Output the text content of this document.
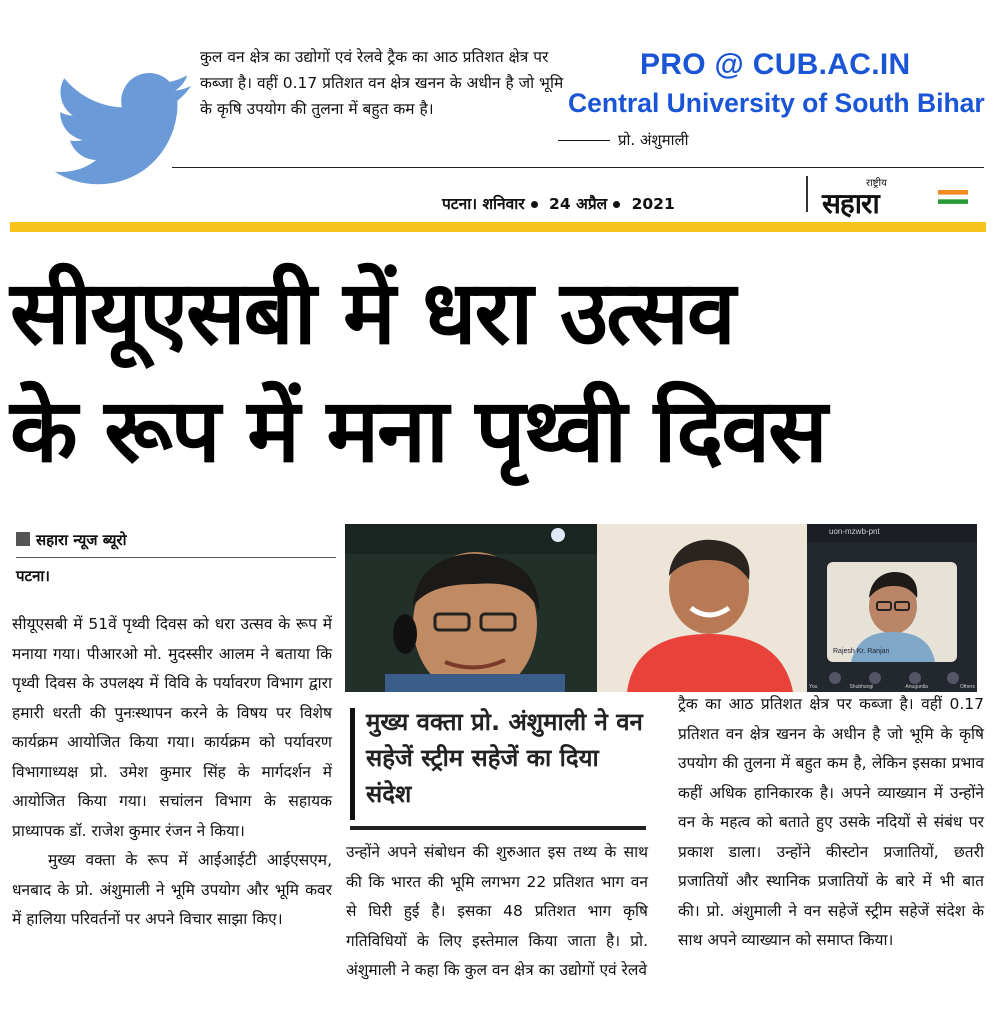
कुल वन क्षेत्र का उद्योगों एवं रेलवे ट्रैक का आठ प्रतिशत क्षेत्र पर कब्जा है। वहीं 0.17 प्रतिशत वन क्षेत्र खनन के अधीन है जो भूमि के कृषि उपयोग की तुलना में बहुत कम है।
प्रो. अंशुमाली
PRO @ CUB.AC.IN
Central University of South Bihar
पटना। शनिवार 24 अप्रैल 2021
राष्ट्रीय
सहारा
सीयूएसबी में धरा उत्सव
के रूप में मना पृथ्वी दिवस
सहारा न्यूज ब्यूरो
पटना।

सीयूएसबी में 51वें पृथ्वी दिवस को धरा उत्सव के रूप में मनाया गया। पीआरओ मो. मुदस्सीर आलम ने बताया कि पृथ्वी दिवस के उपलक्ष्य में विवि के पर्यावरण विभाग द्वारा हमारी धरती की पुनःस्थापन करने के विषय पर विशेष कार्यक्रम आयोजित किया गया। कार्यक्रम को पर्यावरण विभागाध्यक्ष प्रो. उमेश कुमार सिंह के मार्गदर्शन में आयोजित किया गया। सचांलन विभाग के सहायक प्राध्यापक डॉ. राजेश कुमार रंजन ने किया।

मुख्य वक्ता के रूप में आईआईटी आईएसएम, धनबाद के प्रो. अंशुमाली ने भूमि उपयोग और भूमि कवर में हालिया परिवर्तनों पर अपने विचार साझा किए।

uon-mzwb-pnt
Rajesh Kr. Ranjan
You	Shubhangi	Anuguntla	Others
मुख्य वक्ता प्रो. अंशुमाली ने वन सहेजें स्ट्रीम सहेजें का दिया संदेश

उन्होंने अपने संबोधन की शुरुआत इस तथ्य के साथ की कि भारत की भूमि लगभग 22 प्रतिशत भाग वन से घिरी हुई है। इसका 48 प्रतिशत भाग कृषि गतिविधियों के लिए इस्तेमाल किया जाता है। प्रो. अंशुमाली ने कहा कि कुल वन क्षेत्र का उद्योगों एवं रेलवे

ट्रैक का आठ प्रतिशत क्षेत्र पर कब्जा है। वहीं 0.17 प्रतिशत वन क्षेत्र खनन के अधीन है जो भूमि के कृषि उपयोग की तुलना में बहुत कम है, लेकिन इसका प्रभाव कहीं अधिक हानिकारक है। अपने व्याख्यान में उन्होंने वन के महत्व को बताते हुए उसके नदियों से संबंध पर प्रकाश डाला। उन्होंने कीस्टोन प्रजातियों, छतरी प्रजातियों और स्थानिक प्रजातियों के बारे में भी बात की। प्रो. अंशुमाली ने वन सहेजें स्ट्रीम सहेजें संदेश के साथ अपने व्याख्यान को समाप्त किया।
